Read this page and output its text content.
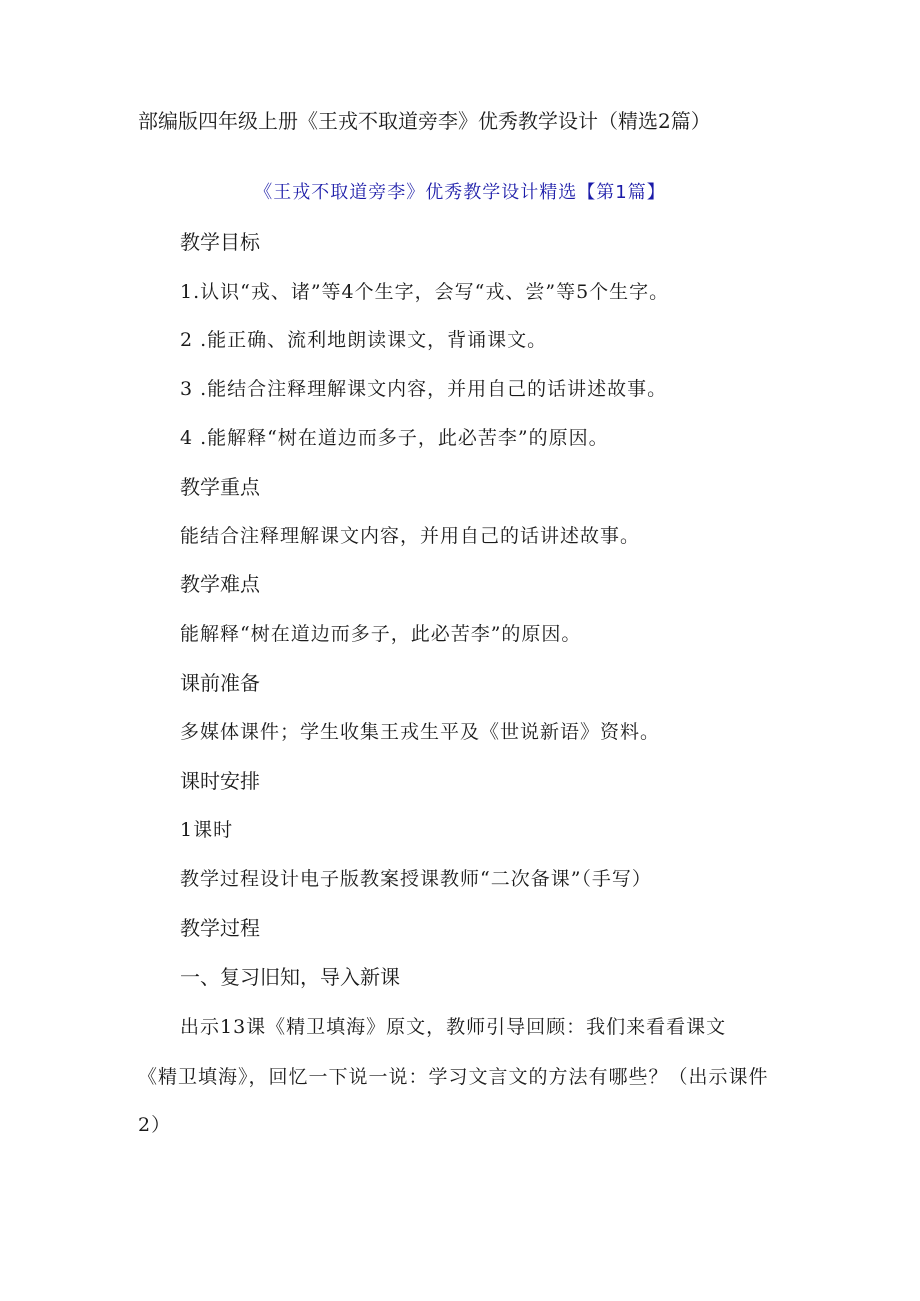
部编版四年级上册《王戎不取道旁李》优秀教学设计（精选2篇）
《王戎不取道旁李》优秀教学设计精选【第1篇】
教学目标
1.认识“戎、诸”等4个生字，会写“戎、尝”等5个生字。
2 .能正确、流利地朗读课文，背诵课文。
3 .能结合注释理解课文内容，并用自己的话讲述故事。
4 .能解释“树在道边而多子，此必苦李”的原因。
教学重点
能结合注释理解课文内容，并用自己的话讲述故事。
教学难点
能解释“树在道边而多子，此必苦李”的原因。
课前准备
多媒体课件；学生收集王戎生平及《世说新语》资料。
课时安排
1课时
教学过程设计电子版教案授课教师“二次备课”（手写）
教学过程
一、复习旧知，导入新课
出示13课《精卫填海》原文，教师引导回顾：我们来看看课文
《精卫填海》，回忆一下说一说：学习文言文的方法有哪些？（出示课件
2）
